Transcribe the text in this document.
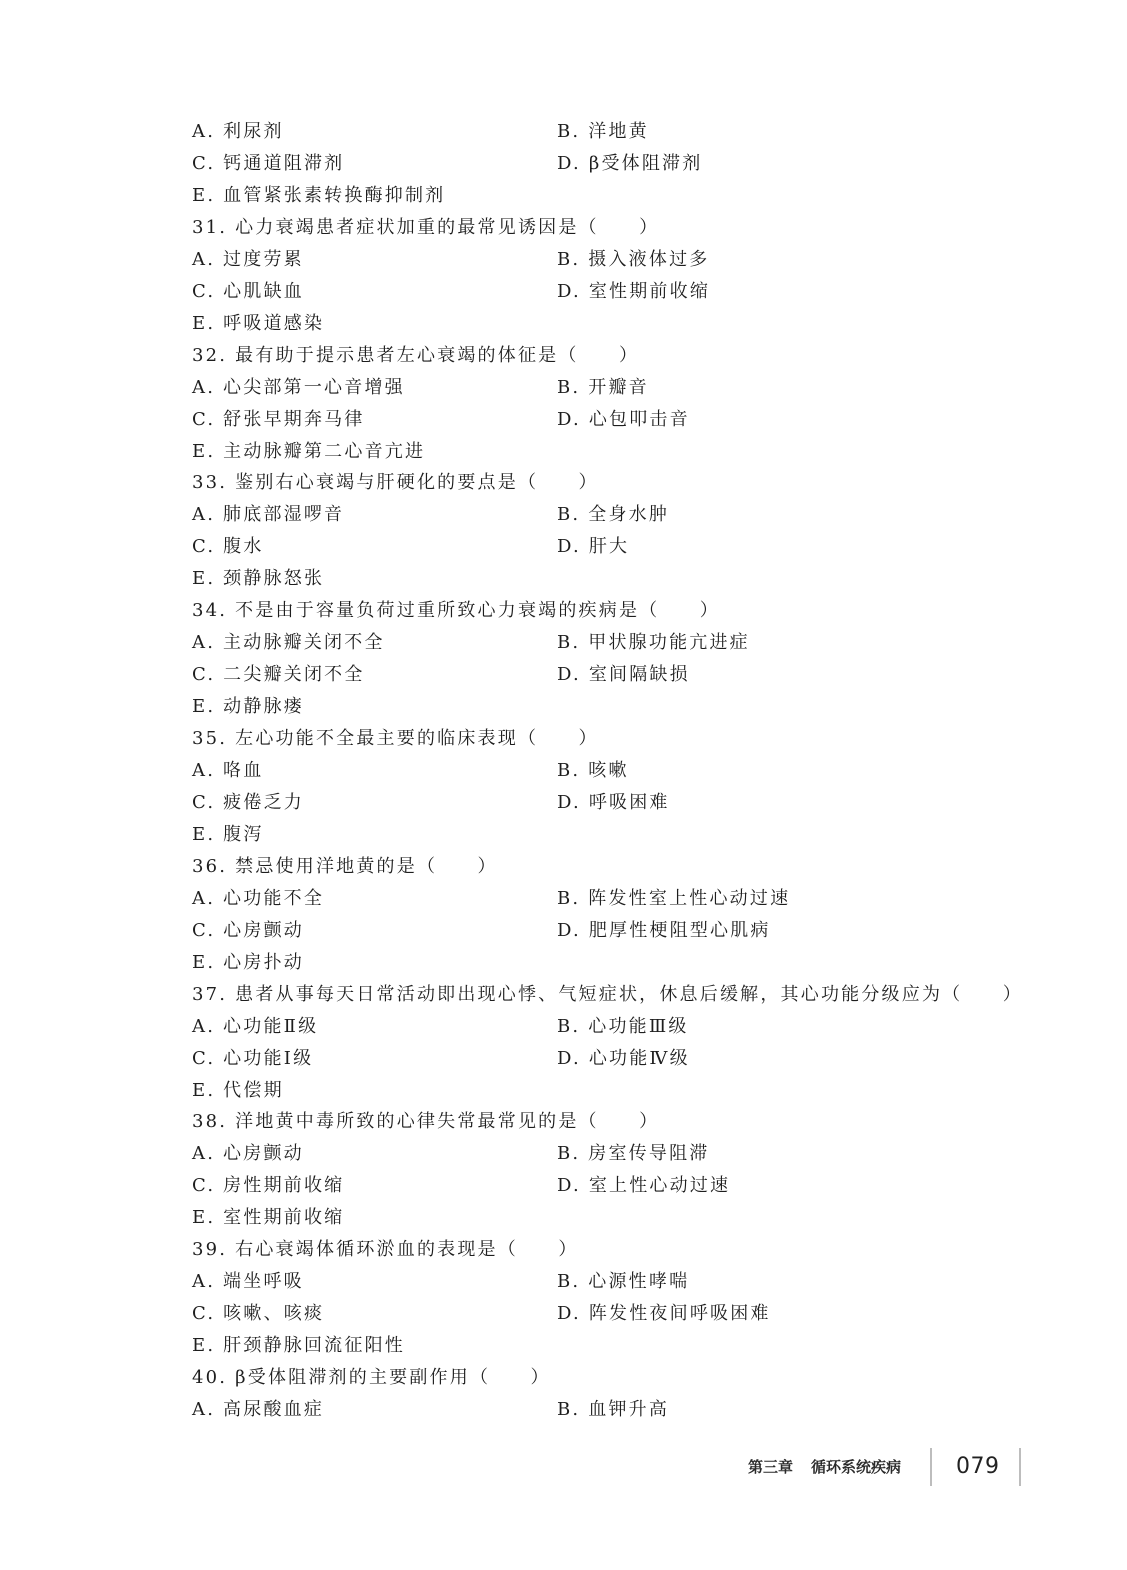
A. 利尿剂	B. 洋地黄
C. 钙通道阻滞剂	D. β受体阻滞剂
E. 血管紧张素转换酶抑制剂
31. 心力衰竭患者症状加重的最常见诱因是（　　）
A. 过度劳累	B. 摄入液体过多
C. 心肌缺血	D. 室性期前收缩
E. 呼吸道感染
32. 最有助于提示患者左心衰竭的体征是（　　）
A. 心尖部第一心音增强	B. 开瓣音
C. 舒张早期奔马律	D. 心包叩击音
E. 主动脉瓣第二心音亢进
33. 鉴别右心衰竭与肝硬化的要点是（　　）
A. 肺底部湿啰音	B. 全身水肿
C. 腹水	D. 肝大
E. 颈静脉怒张
34. 不是由于容量负荷过重所致心力衰竭的疾病是（　　）
A. 主动脉瓣关闭不全	B. 甲状腺功能亢进症
C. 二尖瓣关闭不全	D. 室间隔缺损
E. 动静脉瘘
35. 左心功能不全最主要的临床表现（　　）
A. 咯血	B. 咳嗽
C. 疲倦乏力	D. 呼吸困难
E. 腹泻
36. 禁忌使用洋地黄的是（　　）
A. 心功能不全	B. 阵发性室上性心动过速
C. 心房颤动	D. 肥厚性梗阻型心肌病
E. 心房扑动
37. 患者从事每天日常活动即出现心悸、气短症状，休息后缓解，其心功能分级应为（　　）
A. 心功能Ⅱ级	B. 心功能Ⅲ级
C. 心功能Ⅰ级	D. 心功能Ⅳ级
E. 代偿期
38. 洋地黄中毒所致的心律失常最常见的是（　　）
A. 心房颤动	B. 房室传导阻滞
C. 房性期前收缩	D. 室上性心动过速
E. 室性期前收缩
39. 右心衰竭体循环淤血的表现是（　　）
A. 端坐呼吸	B. 心源性哮喘
C. 咳嗽、咳痰	D. 阵发性夜间呼吸困难
E. 肝颈静脉回流征阳性
40. β受体阻滞剂的主要副作用（　　）
A. 高尿酸血症	B. 血钾升高
第三章 循环系统疾病 079
